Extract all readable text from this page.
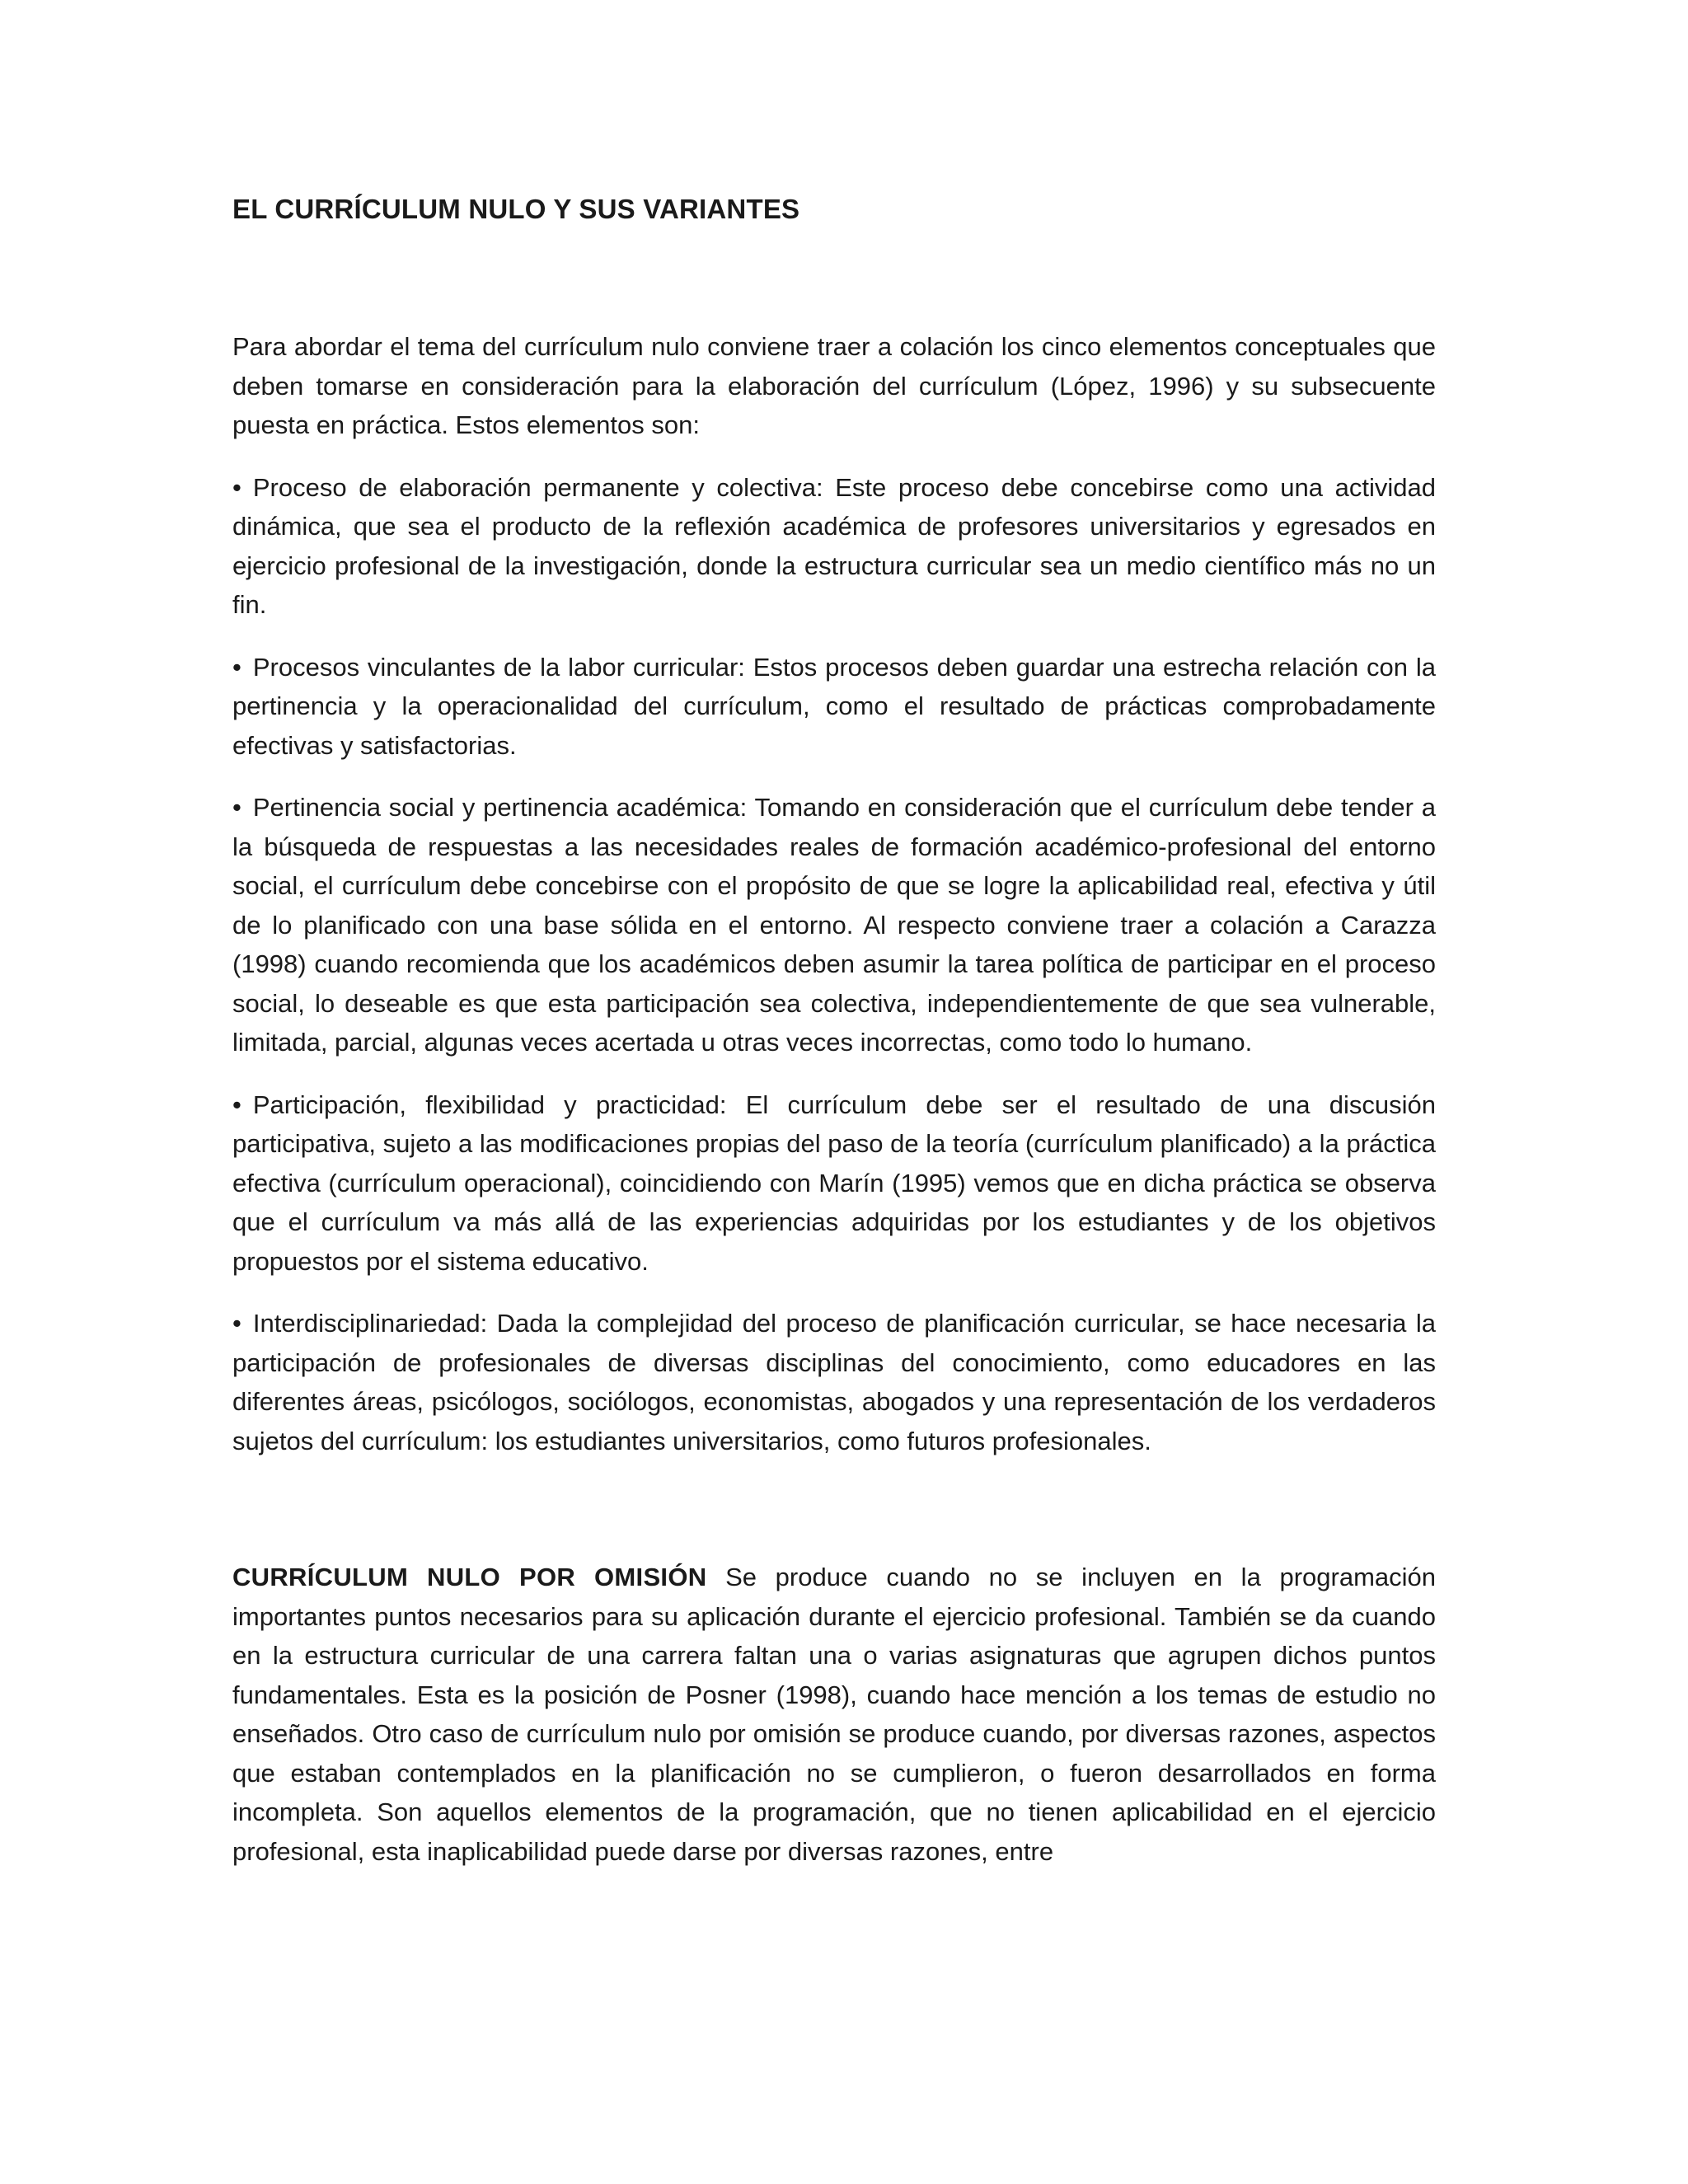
EL CURRÍCULUM NULO Y SUS VARIANTES

Para abordar el tema del currículum nulo conviene traer a colación los cinco elementos conceptuales que deben tomarse en consideración para la elaboración del currículum (López, 1996) y su subsecuente puesta en práctica. Estos elementos son:

• Proceso de elaboración permanente y colectiva: Este proceso debe concebirse como una actividad dinámica, que sea el producto de la reflexión académica de profesores universitarios y egresados en ejercicio profesional de la investigación, donde la estructura curricular sea un medio científico más no un fin.

• Procesos vinculantes de la labor curricular: Estos procesos deben guardar una estrecha relación con la pertinencia y la operacionalidad del currículum, como el resultado de prácticas comprobadamente efectivas y satisfactorias.

• Pertinencia social y pertinencia académica: Tomando en consideración que el currículum debe tender a la búsqueda de respuestas a las necesidades reales de formación académico-profesional del entorno social, el currículum debe concebirse con el propósito de que se logre la aplicabilidad real, efectiva y útil de lo planificado con una base sólida en el entorno. Al respecto conviene traer a colación a Carazza (1998) cuando recomienda que los académicos deben asumir la tarea política de participar en el proceso social, lo deseable es que esta participación sea colectiva, independientemente de que sea vulnerable, limitada, parcial, algunas veces acertada u otras veces incorrectas, como todo lo humano.

• Participación, flexibilidad y practicidad: El currículum debe ser el resultado de una discusión participativa, sujeto a las modificaciones propias del paso de la teoría (currículum planificado) a la práctica efectiva (currículum operacional), coincidiendo con Marín (1995) vemos que en dicha práctica se observa que el currículum va más allá de las experiencias adquiridas por los estudiantes y de los objetivos propuestos por el sistema educativo.

• Interdisciplinariedad: Dada la complejidad del proceso de planificación curricular, se hace necesaria la participación de profesionales de diversas disciplinas del conocimiento, como educadores en las diferentes áreas, psicólogos, sociólogos, economistas, abogados y una representación de los verdaderos sujetos del currículum: los estudiantes universitarios, como futuros profesionales.

CURRÍCULUM NULO POR OMISIÓN Se produce cuando no se incluyen en la programación importantes puntos necesarios para su aplicación durante el ejercicio profesional. También se da cuando en la estructura curricular de una carrera faltan una o varias asignaturas que agrupen dichos puntos fundamentales. Esta es la posición de Posner (1998), cuando hace mención a los temas de estudio no enseñados. Otro caso de currículum nulo por omisión se produce cuando, por diversas razones, aspectos que estaban contemplados en la planificación no se cumplieron, o fueron desarrollados en forma incompleta. Son aquellos elementos de la programación, que no tienen aplicabilidad en el ejercicio profesional, esta inaplicabilidad puede darse por diversas razones, entre
